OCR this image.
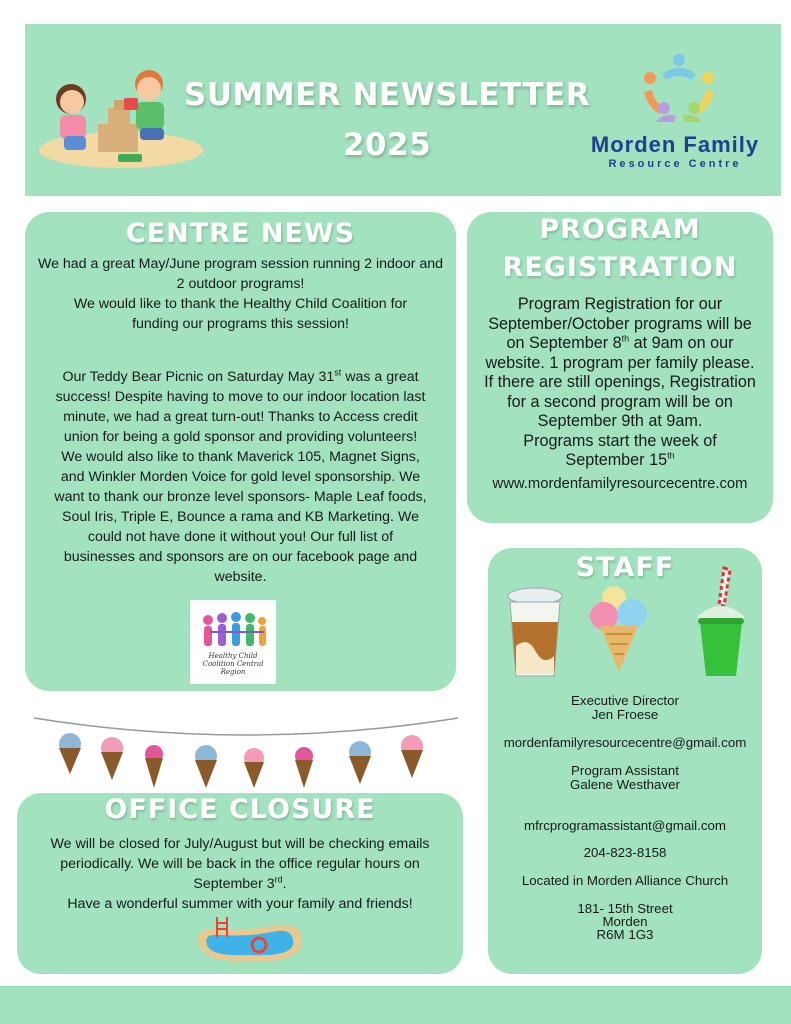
SUMMER NEWSLETTER
2025	Morden Family
Resource Centre
CENTRE NEWS
We had a great May/June program session running 2 indoor and
2 outdoor programs!
We would like to thank the Healthy Child Coalition for
funding our programs this session!
Our Teddy Bear Picnic on Saturday May 31st was a great
success! Despite having to move to our indoor location last
minute, we had a great turn-out! Thanks to Access credit
union for being a gold sponsor and providing volunteers!
We would also like to thank Maverick 105, Magnet Signs,
and Winkler Morden Voice for gold level sponsorship. We
want to thank our bronze level sponsors- Maple Leaf foods,
Soul Iris, Triple E, Bounce a rama and KB Marketing. We
could not have done it without you! Our full list of
businesses and sponsors are on our facebook page and
website.
Healthy Child Coalition Central Region
PROGRAM
REGISTRATION
Program Registration for our
September/October programs will be
on September 8th at 9am on our
website. 1 program per family please.
If there are still openings, Registration
for a second program will be on
September 9th at 9am.
Programs start the week of
September 15th
www.mordenfamilyresourcecentre.com
STAFF
Executive Director
Jen Froese
mordenfamilyresourcecentre@gmail.com
Program Assistant
Galene Westhaver
mfrcprogramassistant@gmail.com
204-823-8158
Located in Morden Alliance Church
181- 15th Street
Morden
R6M 1G3
OFFICE CLOSURE
We will be closed for July/August but will be checking emails
periodically. We will be back in the office regular hours on
September 3rd.
Have a wonderful summer with your family and friends!
